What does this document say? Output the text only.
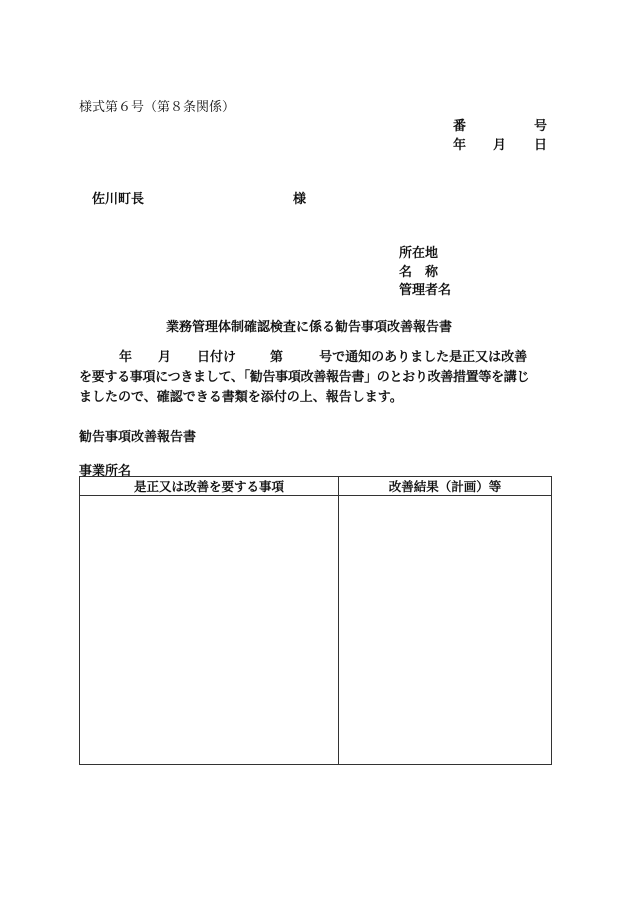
様式第６号（第８条関係）
番	号
年 月 日
佐川町長	様
所在地
名　称
管理者名
業務管理体制確認検査に係る勧告事項改善報告書
年 月 日付け	第	号で通知のありました是正又は改善
を要する事項につきまして、「勧告事項改善報告書」のとおり改善措置等を講じ
ましたので、確認できる書類を添付の上、報告します。
勧告事項改善報告書
事業所名
是正又は改善を要する事項	改善結果（計画）等
